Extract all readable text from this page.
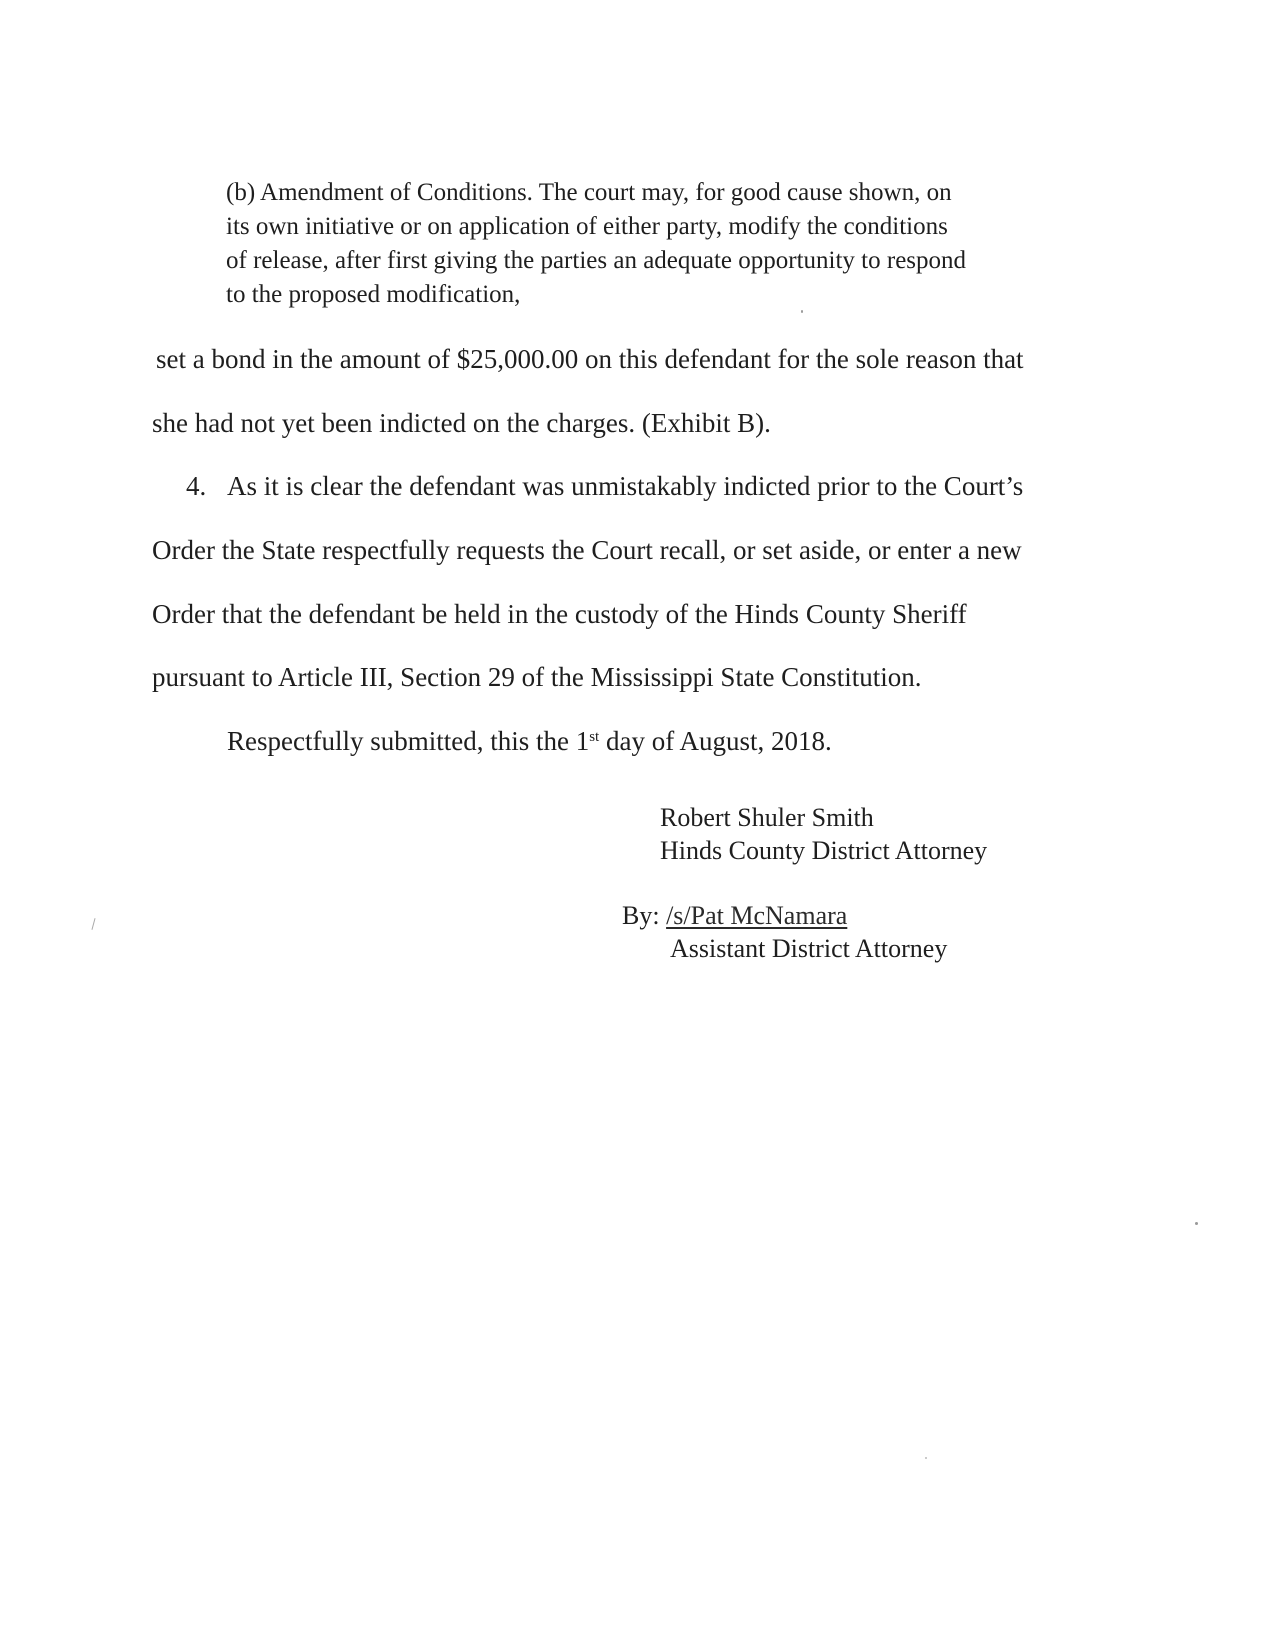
(b) Amendment of Conditions. The court may, for good cause shown, on
its own initiative or on application of either party, modify the conditions
of release, after first giving the parties an adequate opportunity to respond
to the proposed modification,
set a bond in the amount of $25,000.00 on this defendant for the sole reason that
she had not yet been indicted on the charges. (Exhibit B).
4. As it is clear the defendant was unmistakably indicted prior to the Court’s
Order the State respectfully requests the Court recall, or set aside, or enter a new
Order that the defendant be held in the custody of the Hinds County Sheriff
pursuant to Article III, Section 29 of the Mississippi State Constitution.
Respectfully submitted, this the 1st day of August, 2018.
Robert Shuler Smith
Hinds County District Attorney
By: /s/Pat McNamara
Assistant District Attorney
